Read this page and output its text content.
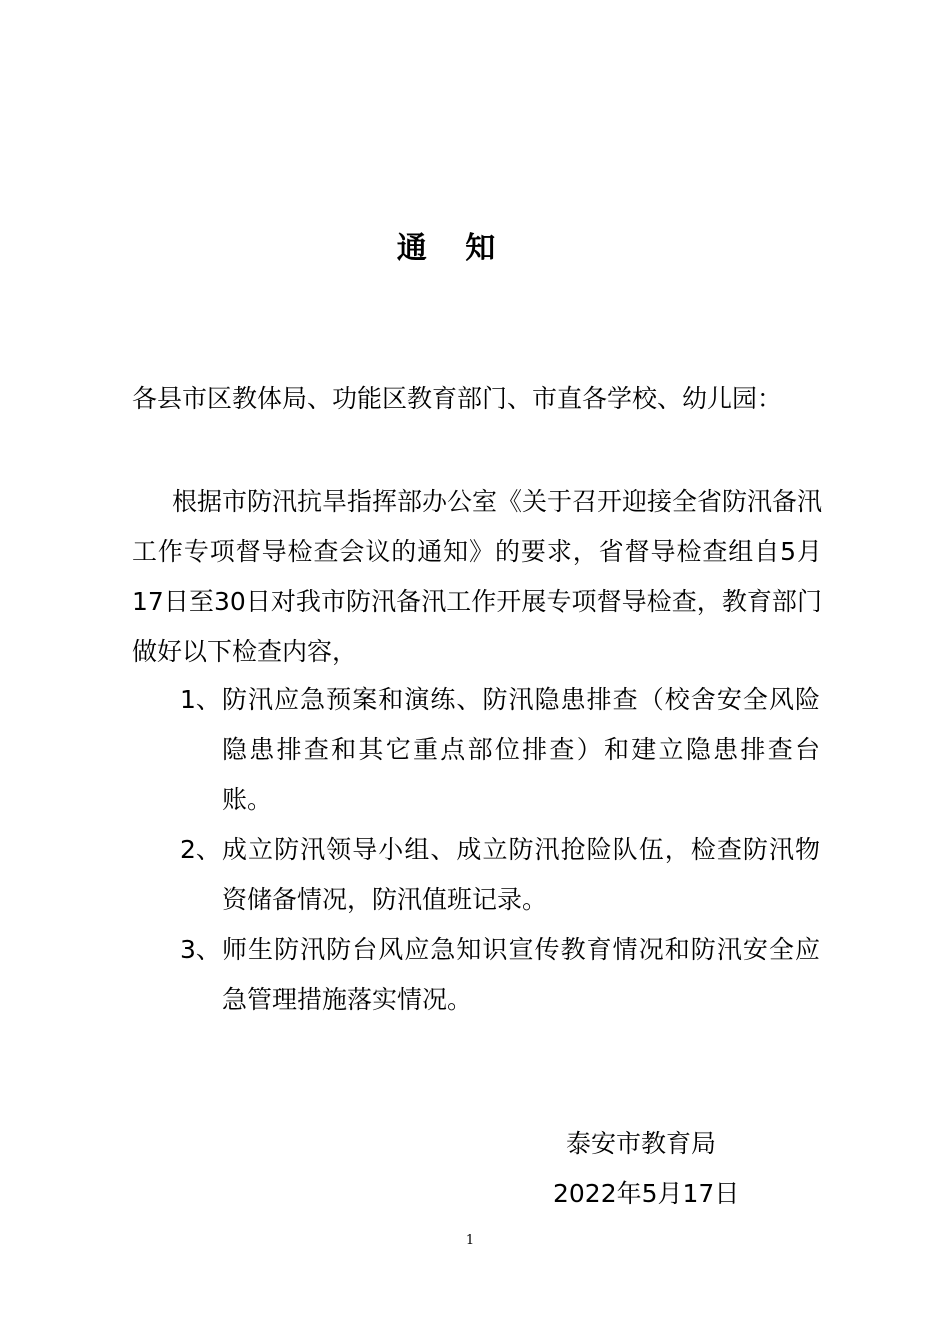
通 知
各县市区教体局、功能区教育部门、市直各学校、幼儿园：
根据市防汛抗旱指挥部办公室《关于召开迎接全省防汛备汛工作专项督导检查会议的通知》的要求，省督导检查组自5月17日至30日对我市防汛备汛工作开展专项督导检查，教育部门做好以下检查内容，
1、 防汛应急预案和演练、防汛隐患排查（校舍安全风险隐患排查和其它重点部位排查）和建立隐患排查台账。
2、 成立防汛领导小组、成立防汛抢险队伍，检查防汛物资储备情况，防汛值班记录。
3、 师生防汛防台风应急知识宣传教育情况和防汛安全应急管理措施落实情况。
泰安市教育局
2022年5月17日
1
